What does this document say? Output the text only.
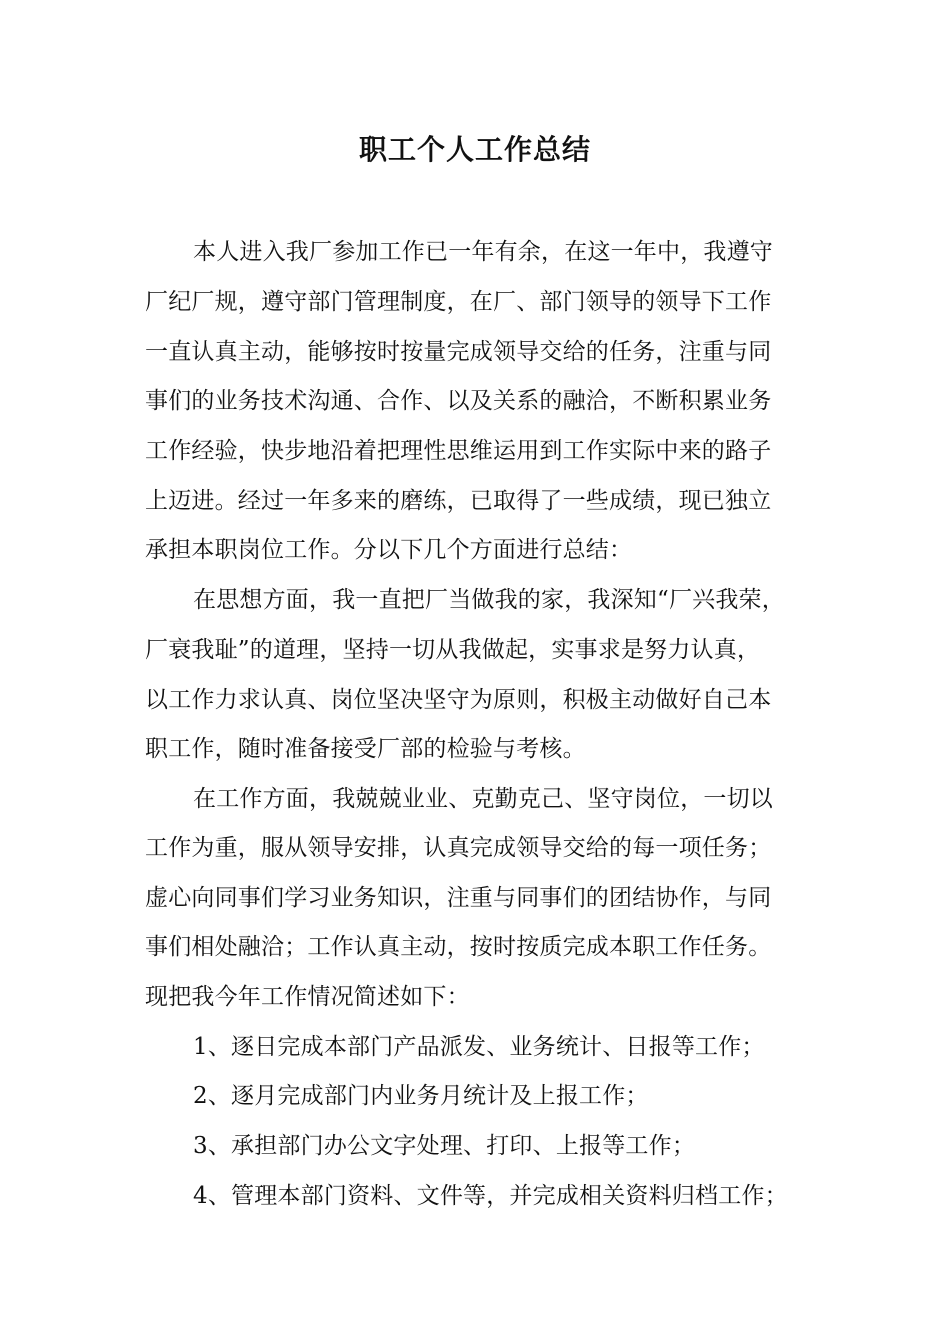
职工个人工作总结
本人进入我厂参加工作已一年有余，在这一年中，我遵守
厂纪厂规，遵守部门管理制度，在厂、部门领导的领导下工作
一直认真主动，能够按时按量完成领导交给的任务，注重与同
事们的业务技术沟通、合作、以及关系的融洽，不断积累业务
工作经验，快步地沿着把理性思维运用到工作实际中来的路子
上迈进。经过一年多来的磨练，已取得了一些成绩，现已独立
承担本职岗位工作。分以下几个方面进行总结：
在思想方面，我一直把厂当做我的家，我深知“厂兴我荣，
厂衰我耻”的道理，坚持一切从我做起，实事求是努力认真，
以工作力求认真、岗位坚决坚守为原则，积极主动做好自己本
职工作，随时准备接受厂部的检验与考核。
在工作方面，我兢兢业业、克勤克己、坚守岗位，一切以
工作为重，服从领导安排，认真完成领导交给的每一项任务；
虚心向同事们学习业务知识，注重与同事们的团结协作，与同
事们相处融洽；工作认真主动，按时按质完成本职工作任务。
现把我今年工作情况简述如下：
1、逐日完成本部门产品派发、业务统计、日报等工作；
2、逐月完成部门内业务月统计及上报工作；
3、承担部门办公文字处理、打印、上报等工作；
4、管理本部门资料、文件等，并完成相关资料归档工作；
